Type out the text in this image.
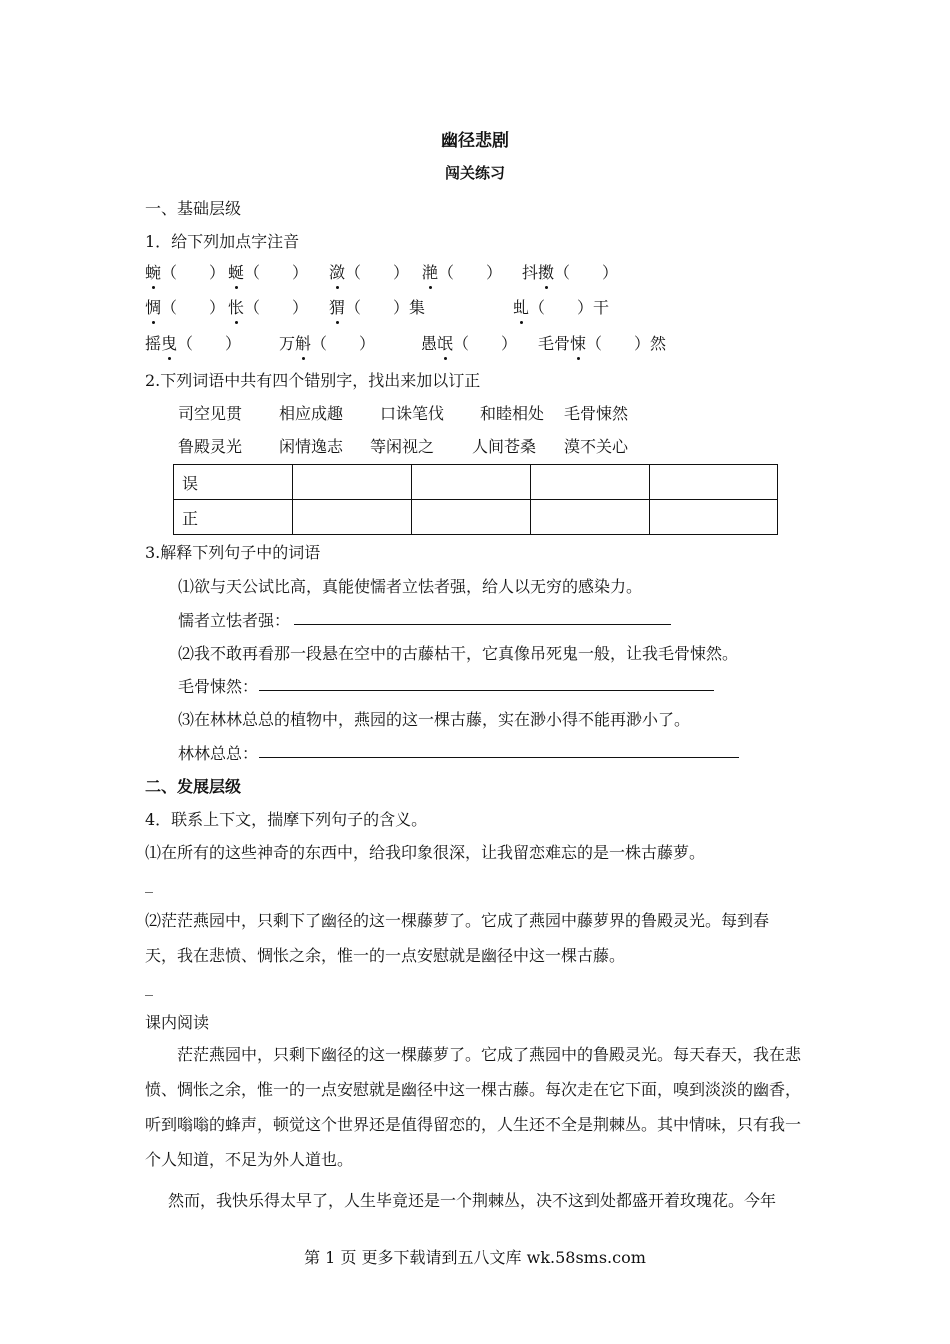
幽径悲剧
闯关练习
一、基础层级
1．给下列加点字注音
蜿（　　） 蜒（　　） 潋（　　） 滟（　　） 抖擞（　　）
惆（　　） 怅（　　） 猬（　　）集	虬（　　）干
摇曳（　　） 万斛（　　）	愚氓（　　） 毛骨悚（　　）然
2.下列词语中共有四个错别字，找出来加以订正
司空见贯 相应成趣 口诛笔伐 和睦相处 毛骨悚然
鲁殿灵光 闲情逸志 等闲视之 人间苍桑 漠不关心
误				
正				
3.解释下列句子中的词语
⑴欲与天公试比高，真能使懦者立怯者强，给人以无穷的感染力。
懦者立怯者强：
⑵我不敢再看那一段悬在空中的古藤枯干，它真像吊死鬼一般，让我毛骨悚然。
毛骨悚然：
⑶在林林总总的植物中，燕园的这一棵古藤，实在渺小得不能再渺小了。
林林总总：
二、发展层级
4．联系上下文，揣摩下列句子的含义。
⑴在所有的这些神奇的东西中，给我印象很深，让我留恋难忘的是一株古藤萝。
_
⑵茫茫燕园中，只剩下了幽径的这一棵藤萝了。它成了燕园中藤萝界的鲁殿灵光。每到春
天，我在悲愤、惆怅之余，惟一的一点安慰就是幽径中这一棵古藤。
_
课内阅读
茫茫燕园中，只剩下幽径的这一棵藤萝了。它成了燕园中的鲁殿灵光。每天春天，我在悲愤、惆怅之余，惟一的一点安慰就是幽径中这一棵古藤。每次走在它下面，嗅到淡淡的幽香，听到嗡嗡的蜂声，顿觉这个世界还是值得留恋的，人生还不全是荆棘丛。其中情味，只有我一个人知道，不足为外人道也。
然而，我快乐得太早了，人生毕竟还是一个荆棘丛，决不这到处都盛开着玫瑰花。今年
第 1 页 更多下载请到五八文库 wk.58sms.com
